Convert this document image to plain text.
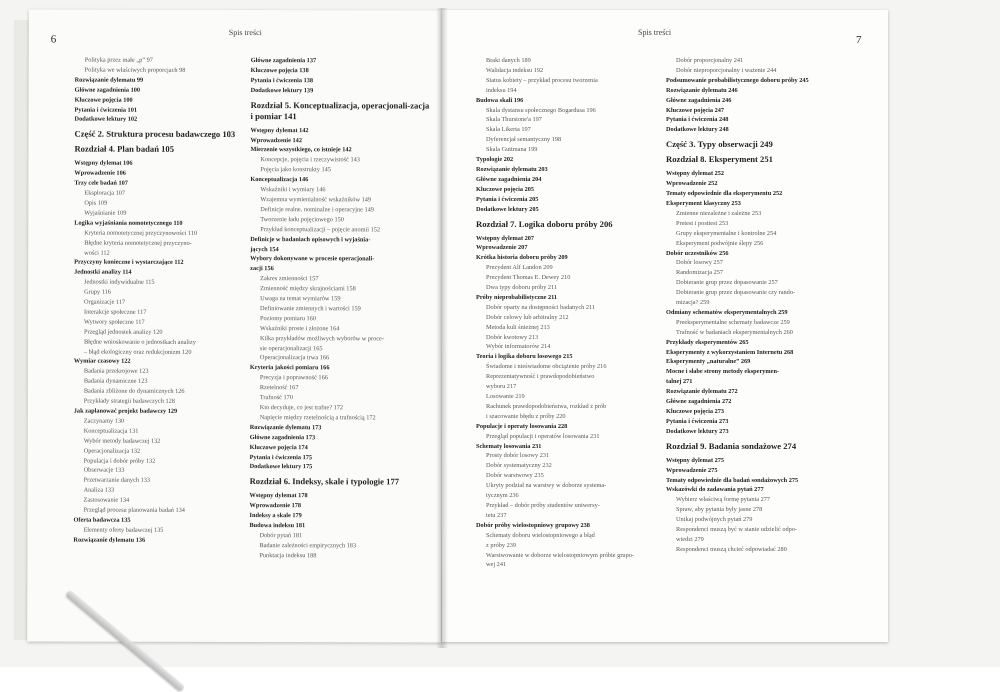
6
Spis treści
Polityka przez małe „p” 97
Polityka we właściwych proporcjach 98
Rozwiązanie dylematu 99
Główne zagadnienia 100
Kluczowe pojęcia 100
Pytania i ćwiczenia 101
Dodatkowe lektury 102
Część 2. Struktura procesu badawczego 103
Rozdział 4. Plan badań 105
Wstępny dylemat 106
Wprowadzenie 106
Trzy cele badań 107
Eksploracja 107
Opis 109
Wyjaśnianie 109
Logika wyjaśniania nomotetycznego 110
Kryteria nomotetycznej przyczynowości 110
Błędne kryteria nomotetycznej przyczyno-
wości 112
Przyczyny konieczne i wystarczające 112
Jednostki analizy 114
Jednostki indywidualne 115
Grupy 116
Organizacje 117
Interakcje społeczne 117
Wytwory społeczne 117
Przegląd jednostek analizy 120
Błędne wnioskowanie o jednostkach analizy
– błąd ekologiczny oraz redukcjonizm 120
Wymiar czasowy 122
Badania przekrojowe 123
Badania dynamiczne 123
Badania zbliżone do dynamicznych 126
Przykłady strategii badawczych 128
Jak zaplanować projekt badawczy 129
Zaczynamy 130
Konceptualizacja 131
Wybór metody badawczej 132
Operacjonalizacja 132
Populacja i dobór próby 132
Obserwacje 133
Przetwarzanie danych 133
Analiza 133
Zastosowanie 134
Przegląd procesu planowania badań 134
Oferta badawcza 135
Elementy oferty badawczej 135
Rozwiązanie dylematu 136
Główne zagadnienia 137
Kluczowe pojęcia 138
Pytania i ćwiczenia 138
Dodatkowe lektury 139
Rozdział 5. Konceptualizacja, operacjonali-zacja i pomiar 141
Wstępny dylemat 142
Wprowadzenie 142
Mierzenie wszystkiego, co istnieje 142
Koncepcje, pojęcia i rzeczywistość 143
Pojęcia jako konstrukty 145
Konceptualizacja 146
Wskaźniki i wymiary 146
Wzajemna wymienialność wskaźników 149
Definicje realne, nominalne i operacyjne 149
Tworzenie ładu pojęciowego 150
Przykład konceptualizacji – pojęcie anomii 152
Definicje w badaniach opisowych i wyjaśnia-
jących 154
Wybory dokonywane w procesie operacjonali-
zacji 156
Zakres zmienności 157
Zmienność między skrajnościami 158
Uwaga na temat wymiarów 159
Definiowanie zmiennych i wartości 159
Poziomy pomiaru 160
Wskaźniki proste i złożone 164
Kilka przykładów możliwych wyborów w proce-
sie operacjonalizacji 165
Operacjonalizacja trwa 166
Kryteria jakości pomiaru 166
Precyzja i poprawność 166
Rzetelność 167
Trafność 170
Kto decyduje, co jest trafne? 172
Napięcie między rzetelnością a trafnością 172
Rozwiązanie dylematu 173
Główne zagadnienia 173
Kluczowe pojęcia 174
Pytania i ćwiczenia 175
Dodatkowe lektury 175
Rozdział 6. Indeksy, skale i typologie 177
Wstępny dylemat 178
Wprowadzenie 178
Indeksy a skale 179
Budowa indeksu 181
Dobór pytań 181
Badanie zależności empirycznych 183
Punktacja indeksu 188
Spis treści
7
Braki danych 189
Walidacja indeksu 192
Status kobiety – przykład procesu tworzenia
indeksu 194
Budowa skali 196
Skala dystansu społecznego Bogardusa 196
Skala Thurstone'a 197
Skala Likerta 197
Dyferencjał semantyczny 198
Skala Guttmana 199
Typologie 202
Rozwiązanie dylematu 203
Główne zagadnienia 204
Kluczowe pojęcia 205
Pytania i ćwiczenia 205
Dodatkowe lektury 205
Rozdział 7. Logika doboru próby 206
Wstępny dylemat 207
Wprowadzenie 207
Krótka historia doboru próby 209
Prezydent Alf Landon 209
Prezydent Thomas E. Dewey 210
Dwa typy doboru próby 211
Próby nieprobabilistyczne 211
Dobór oparty na dostępności badanych 211
Dobór celowy lub arbitralny 212
Metoda kuli śnieżnej 213
Dobór kwotowy 213
Wybór informatorów 214
Teoria i logika doboru losowego 215
Świadome i nieświadome obciążenie próby 216
Reprezentatywność i prawdopodobieństwo
wyboru 217
Losowanie 219
Rachunek prawdopodobieństwa, rozkład z prób
i szacowanie błędu z próby 220
Populacje i operaty losowania 228
Przegląd populacji i operatów losowania 231
Schematy losowania 231
Prosty dobór losowy 231
Dobór systematyczny 232
Dobór warstwowy 235
Ukryty podział na warstwy w doborze systema-
tycznym 236
Przykład – dobór próby studentów uniwersy-
tetu 237
Dobór próby wielostopniowy grupowy 238
Schematy doboru wielostopniowego a błąd
z próby 239
Warstwowanie w doborze wielostopniowym próbie grupo-
wej 241
Dobór proporcjonalny 241
Dobór nieproporcjonalny i ważenie 244
Podsumowanie probabilistycznego doboru próby 245
Rozwiązanie dylematu 246
Główne zagadnienia 246
Kluczowe pojęcia 247
Pytania i ćwiczenia 248
Dodatkowe lektury 248
Część 3. Typy obserwacji 249
Rozdział 8. Eksperyment 251
Wstępny dylemat 252
Wprowadzenie 252
Tematy odpowiednie dla eksperymentu 252
Eksperyment klasyczny 253
Zmienne niezależne i zależne 253
Pretest i posttest 253
Grupy eksperymentalne i kontrolne 254
Eksperyment podwójnie ślepy 256
Dobór uczestników 256
Dobór losowy 257
Randomizacja 257
Dobieranie grup przez dopasowanie 257
Dobieranie grup przez dopasowanie czy rando-
mizacja? 259
Odmiany schematów eksperymentalnych 259
Preeksperymentalne schematy badawcze 259
Trafność w badaniach eksperymentalnych 260
Przykłady eksperymentów 265
Eksperymenty z wykorzystaniem Internetu 268
Eksperymenty „naturalne” 269
Mocne i słabe strony metody eksperymen-
talnej 271
Rozwiązanie dylematu 272
Główne zagadnienia 272
Kluczowe pojęcia 273
Pytania i ćwiczenia 273
Dodatkowe lektury 273
Rozdział 9. Badania sondażowe 274
Wstępny dylemat 275
Wprowadzenie 275
Tematy odpowiednie dla badań sondażowych 275
Wskazówki do zadawania pytań 277
Wybierz właściwą formę pytania 277
Spraw, aby pytania były jasne 278
Unikaj podwójnych pytań 279
Respondenci muszą być w stanie udzielić odpo-
wiedzi 279
Respondenci muszą chcieć odpowiadać 280
